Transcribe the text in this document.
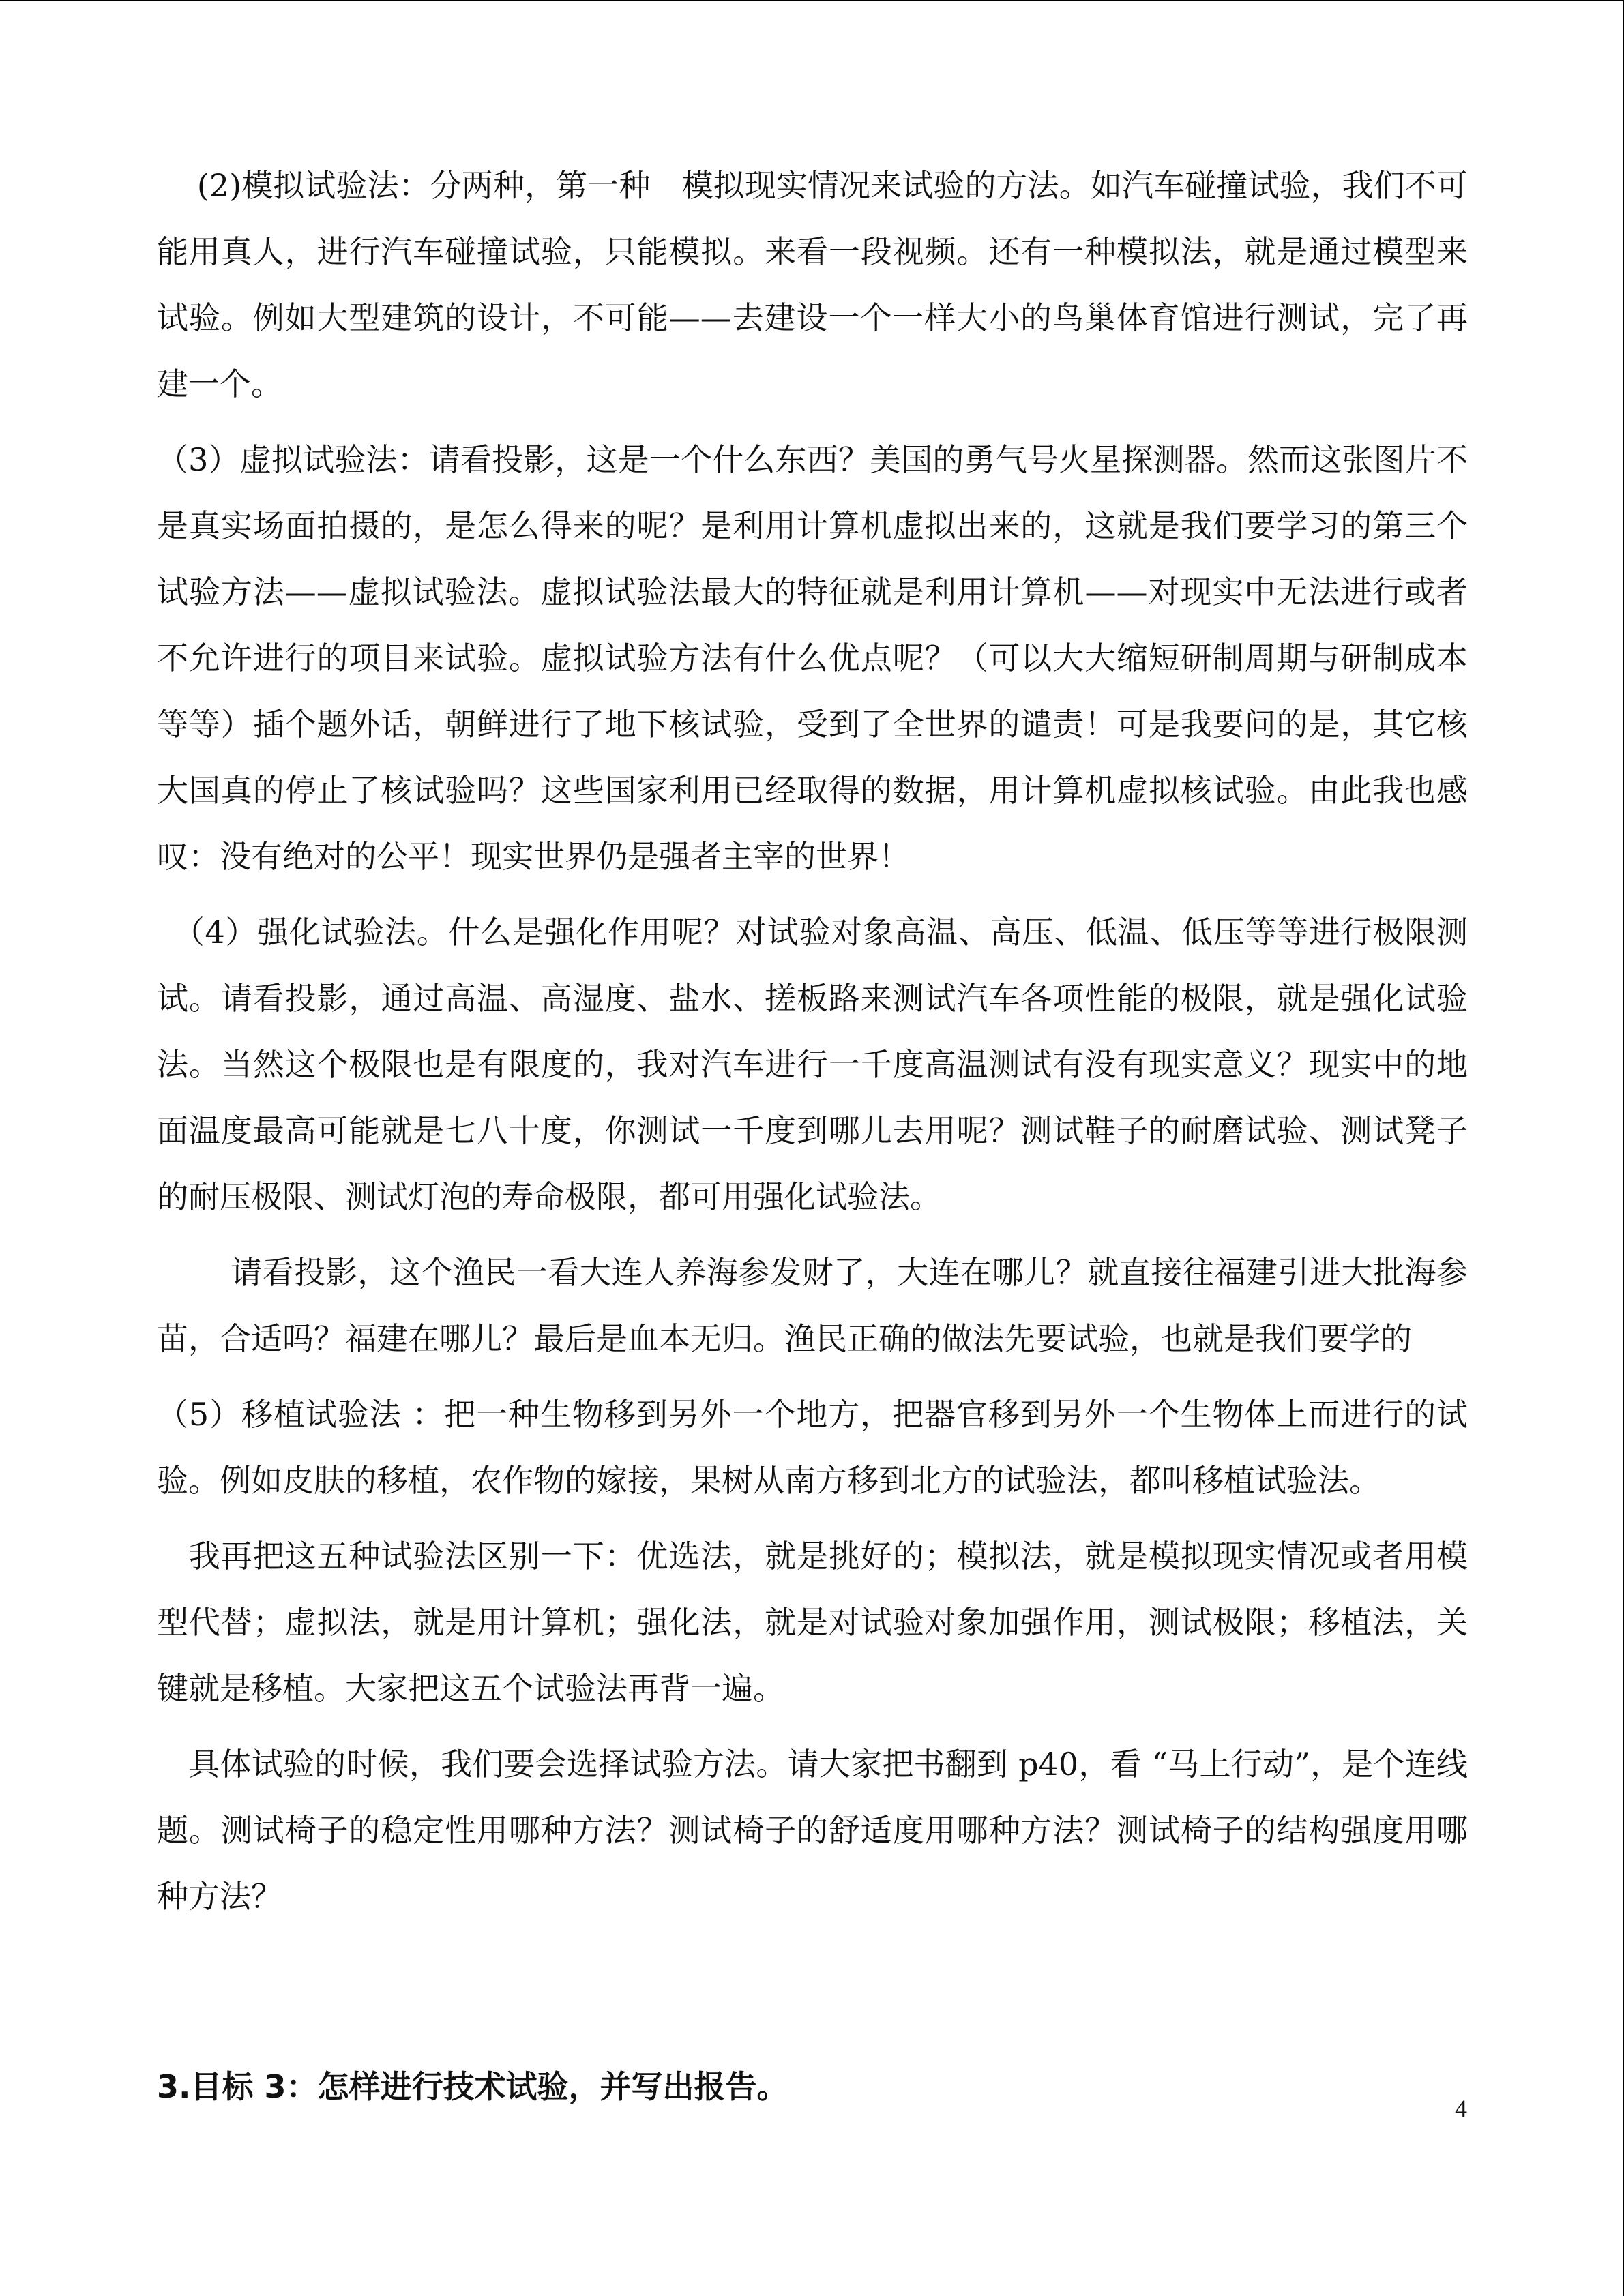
(2)模拟试验法：分两种，第一种　模拟现实情况来试验的方法。如汽车碰撞试验，我们不可能用真人，进行汽车碰撞试验，只能模拟。来看一段视频。还有一种模拟法，就是通过模型来试验。例如大型建筑的设计，不可能——去建设一个一样大小的鸟巢体育馆进行测试，完了再建一个。

（3）虚拟试验法：请看投影，这是一个什么东西？美国的勇气号火星探测器。然而这张图片不是真实场面拍摄的，是怎么得来的呢？是利用计算机虚拟出来的，这就是我们要学习的第三个试验方法——虚拟试验法。虚拟试验法最大的特征就是利用计算机——对现实中无法进行或者不允许进行的项目来试验。虚拟试验方法有什么优点呢？（可以大大缩短研制周期与研制成本等等）插个题外话，朝鲜进行了地下核试验，受到了全世界的谴责！可是我要问的是，其它核大国真的停止了核试验吗？这些国家利用已经取得的数据，用计算机虚拟核试验。由此我也感叹：没有绝对的公平！现实世界仍是强者主宰的世界！

　（4）强化试验法。什么是强化作用呢？对试验对象高温、高压、低温、低压等等进行极限测试。请看投影，通过高温、高湿度、盐水、搓板路来测试汽车各项性能的极限，就是强化试验法。当然这个极限也是有限度的，我对汽车进行一千度高温测试有没有现实意义？现实中的地面温度最高可能就是七八十度，你测试一千度到哪儿去用呢？测试鞋子的耐磨试验、测试凳子的耐压极限、测试灯泡的寿命极限，都可用强化试验法。

　　 请看投影，这个渔民一看大连人养海参发财了，大连在哪儿？就直接往福建引进大批海参苗，合适吗？福建在哪儿？最后是血本无归。渔民正确的做法先要试验，也就是我们要学的

（5）移植试验法 ：把一种生物移到另外一个地方，把器官移到另外一个生物体上而进行的试验。例如皮肤的移植，农作物的嫁接，果树从南方移到北方的试验法，都叫移植试验法。

　我再把这五种试验法区别一下：优选法，就是挑好的；模拟法，就是模拟现实情况或者用模型代替；虚拟法，就是用计算机；强化法，就是对试验对象加强作用，测试极限；移植法，关键就是移植。大家把这五个试验法再背一遍。

　具体试验的时候，我们要会选择试验方法。请大家把书翻到 p40，看 “马上行动”，是个连线题。测试椅子的稳定性用哪种方法？测试椅子的舒适度用哪种方法？测试椅子的结构强度用哪种方法？

3.目标 3：怎样进行技术试验，并写出报告。
4
